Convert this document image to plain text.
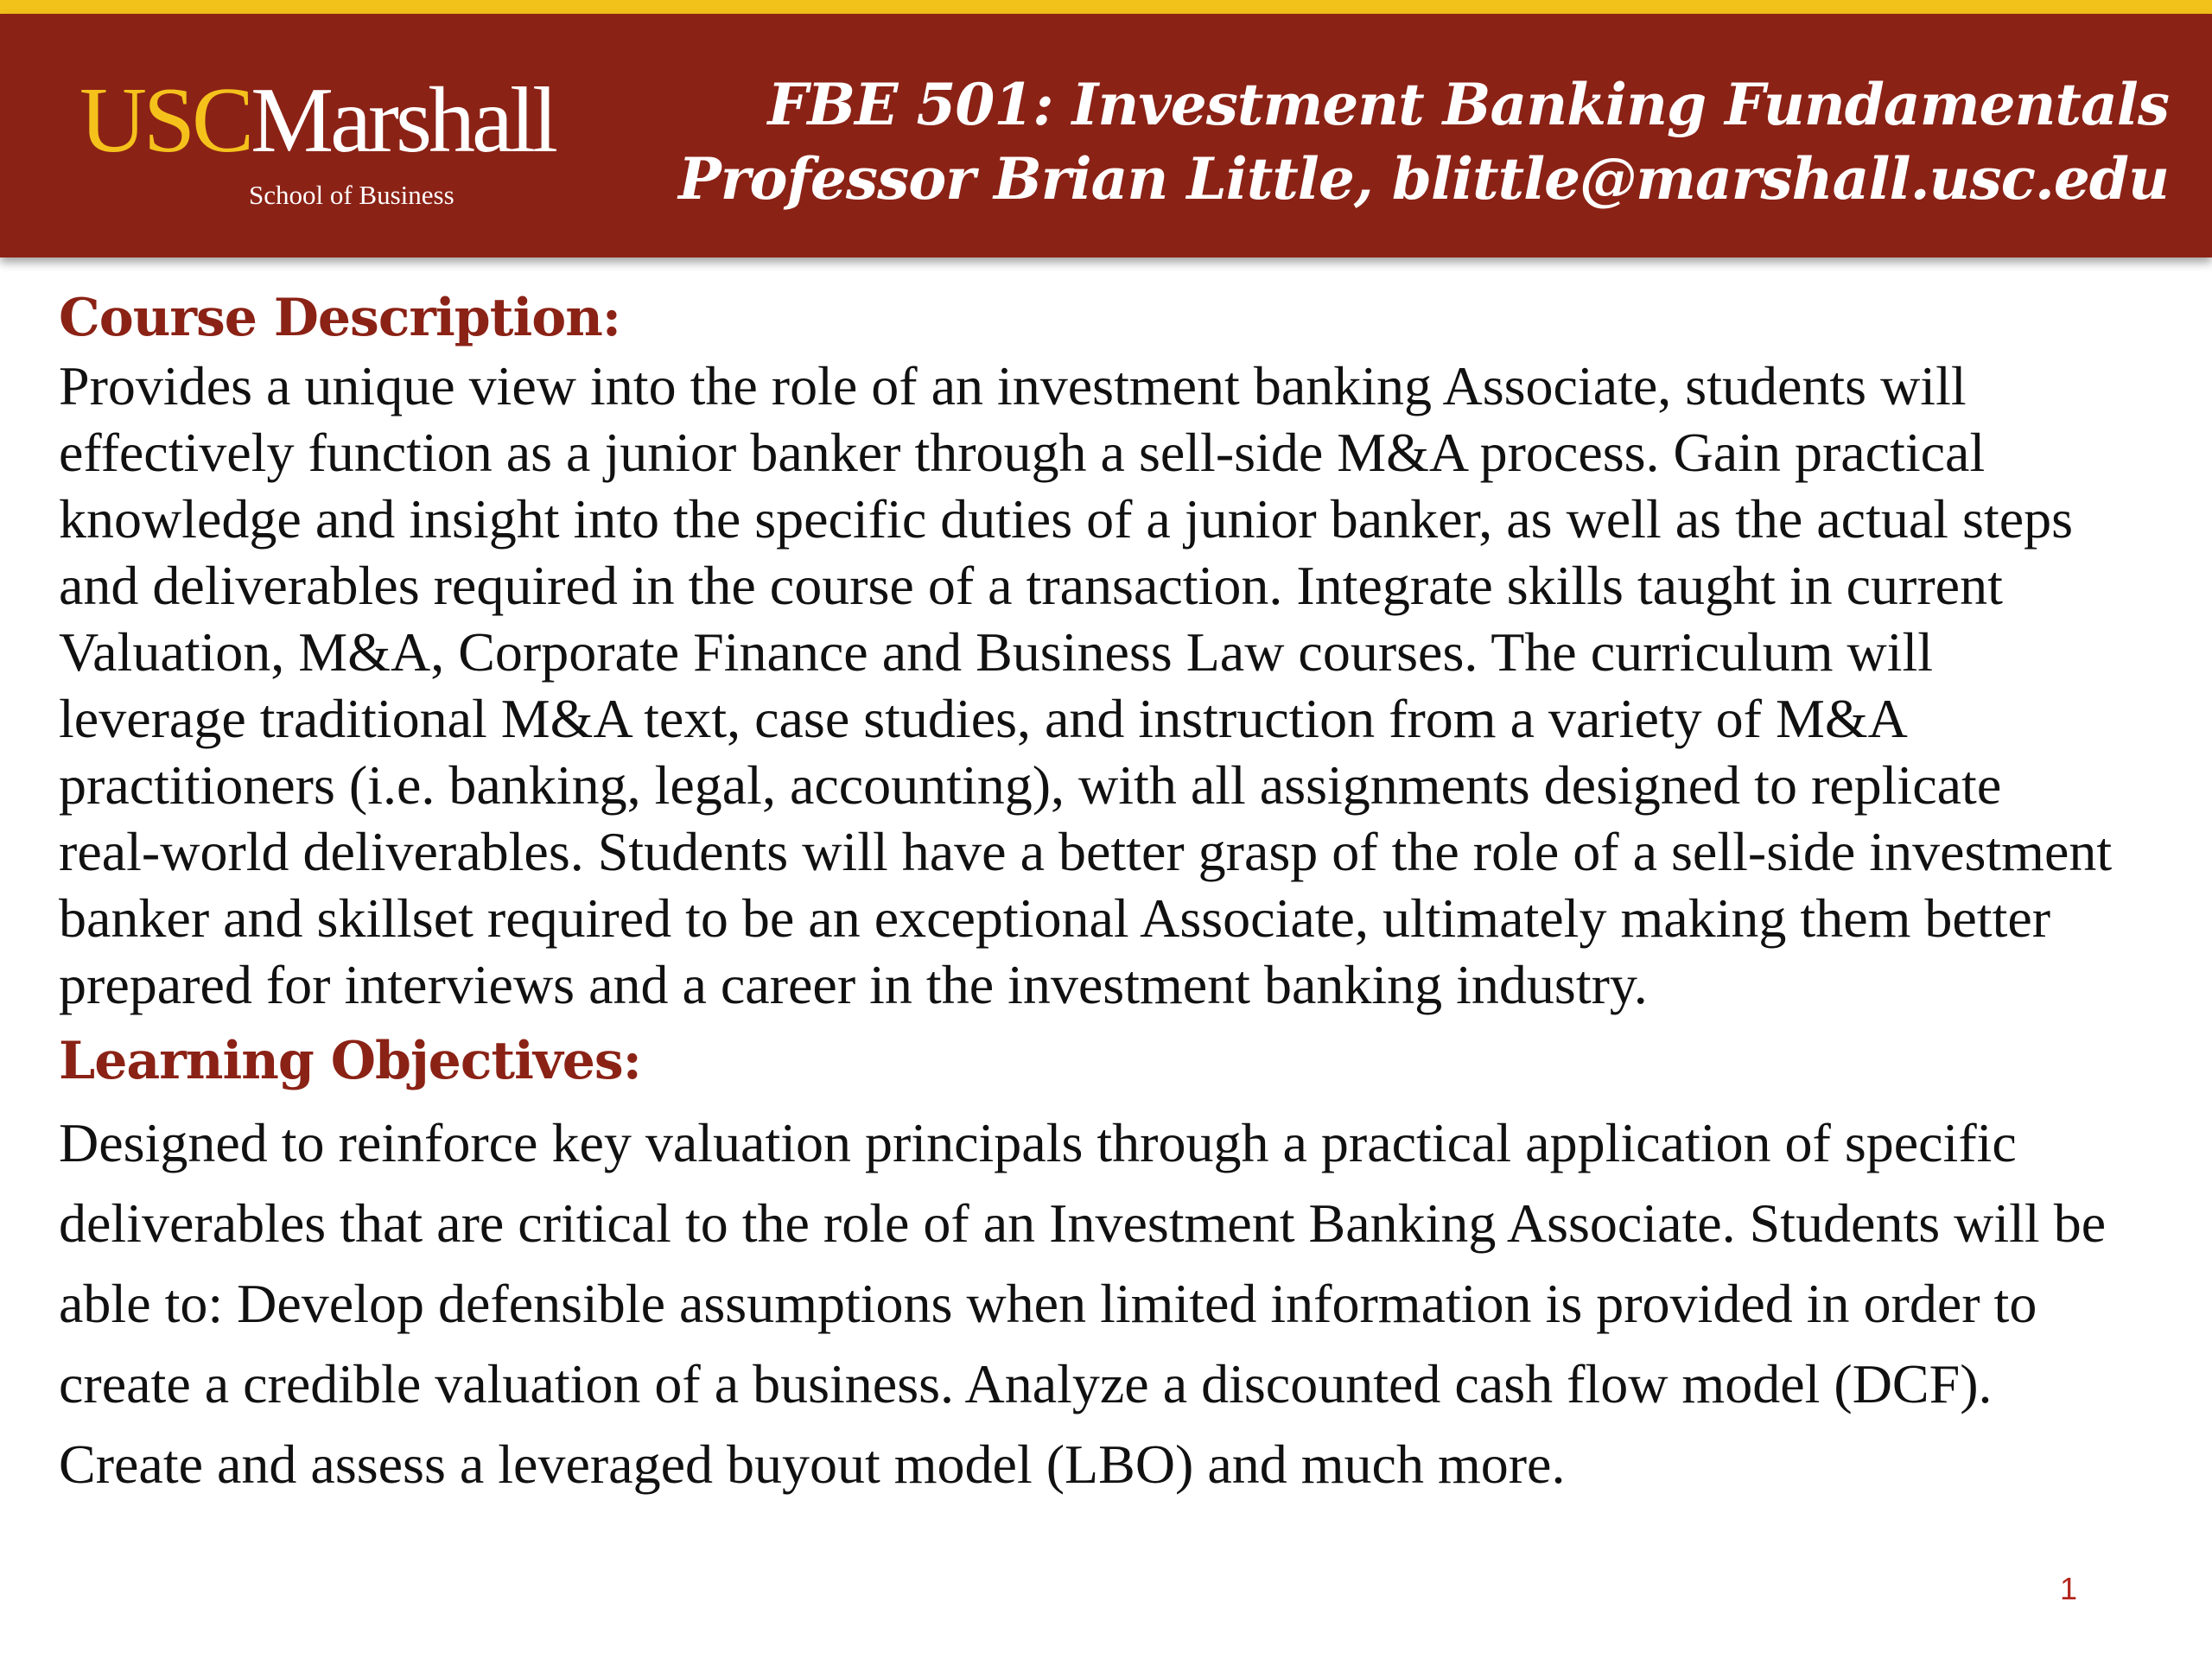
USCMarshall
School of Business
FBE 501: Investment Banking Fundamentals
Professor Brian Little, blittle@marshall.usc.edu
Course Description:

Provides a unique view into the role of an investment banking Associate, students will effectively function as a junior banker through a sell-side M&A process. Gain practical knowledge and insight into the specific duties of a junior banker, as well as the actual steps and deliverables required in the course of a transaction. Integrate skills taught in current Valuation, M&A, Corporate Finance and Business Law courses. The curriculum will leverage traditional M&A text, case studies, and instruction from a variety of M&A practitioners (i.e. banking, legal, accounting), with all assignments designed to replicate real-world deliverables. Students will have a better grasp of the role of a sell-side investment banker and skillset required to be an exceptional Associate, ultimately making them better prepared for interviews and a career in the investment banking industry.

Learning Objectives:

Designed to reinforce key valuation principals through a practical application of specific deliverables that are critical to the role of an Investment Banking Associate. Students will be able to: Develop defensible assumptions when limited information is provided in order to create a credible valuation of a business. Analyze a discounted cash flow model (DCF). Create and assess a leveraged buyout model (LBO) and much more.

1
